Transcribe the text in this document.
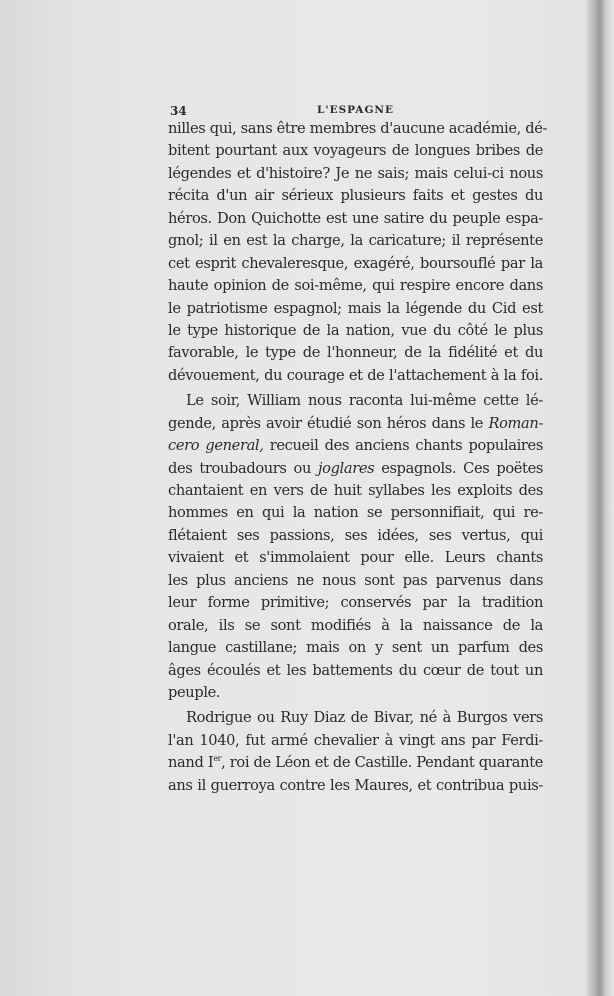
34	L'ESPAGNE
nilles qui, sans être membres d'aucune académie, dé-
bitent pourtant aux voyageurs de longues bribes de
légendes et d'histoire? Je ne sais; mais celui-ci nous
récita d'un air sérieux plusieurs faits et gestes du
héros. Don Quichotte est une satire du peuple espa-
gnol; il en est la charge, la caricature; il représente
cet esprit chevaleresque, exagéré, boursouflé par la
haute opinion de soi-même, qui respire encore dans
le patriotisme espagnol; mais la légende du Cid est
le type historique de la nation, vue du côté le plus
favorable, le type de l'honneur, de la fidélité et du
dévouement, du courage et de l'attachement à la foi.
Le soir, William nous raconta lui-même cette lé-
gende, après avoir étudié son héros dans le Roman-
cero general, recueil des anciens chants populaires
des troubadours ou joglares espagnols. Ces poëtes
chantaient en vers de huit syllabes les exploits des
hommes en qui la nation se personnifiait, qui re-
flétaient ses passions, ses idées, ses vertus, qui
vivaient et s'immolaient pour elle. Leurs chants
les plus anciens ne nous sont pas parvenus dans
leur forme primitive; conservés par la tradition
orale, ils se sont modifiés à la naissance de la
langue castillane; mais on y sent un parfum des
âges écoulés et les battements du cœur de tout un
peuple.
Rodrigue ou Ruy Diaz de Bivar, né à Burgos vers
l'an 1040, fut armé chevalier à vingt ans par Ferdi-
nand Ier, roi de Léon et de Castille. Pendant quarante
ans il guerroya contre les Maures, et contribua puis-
